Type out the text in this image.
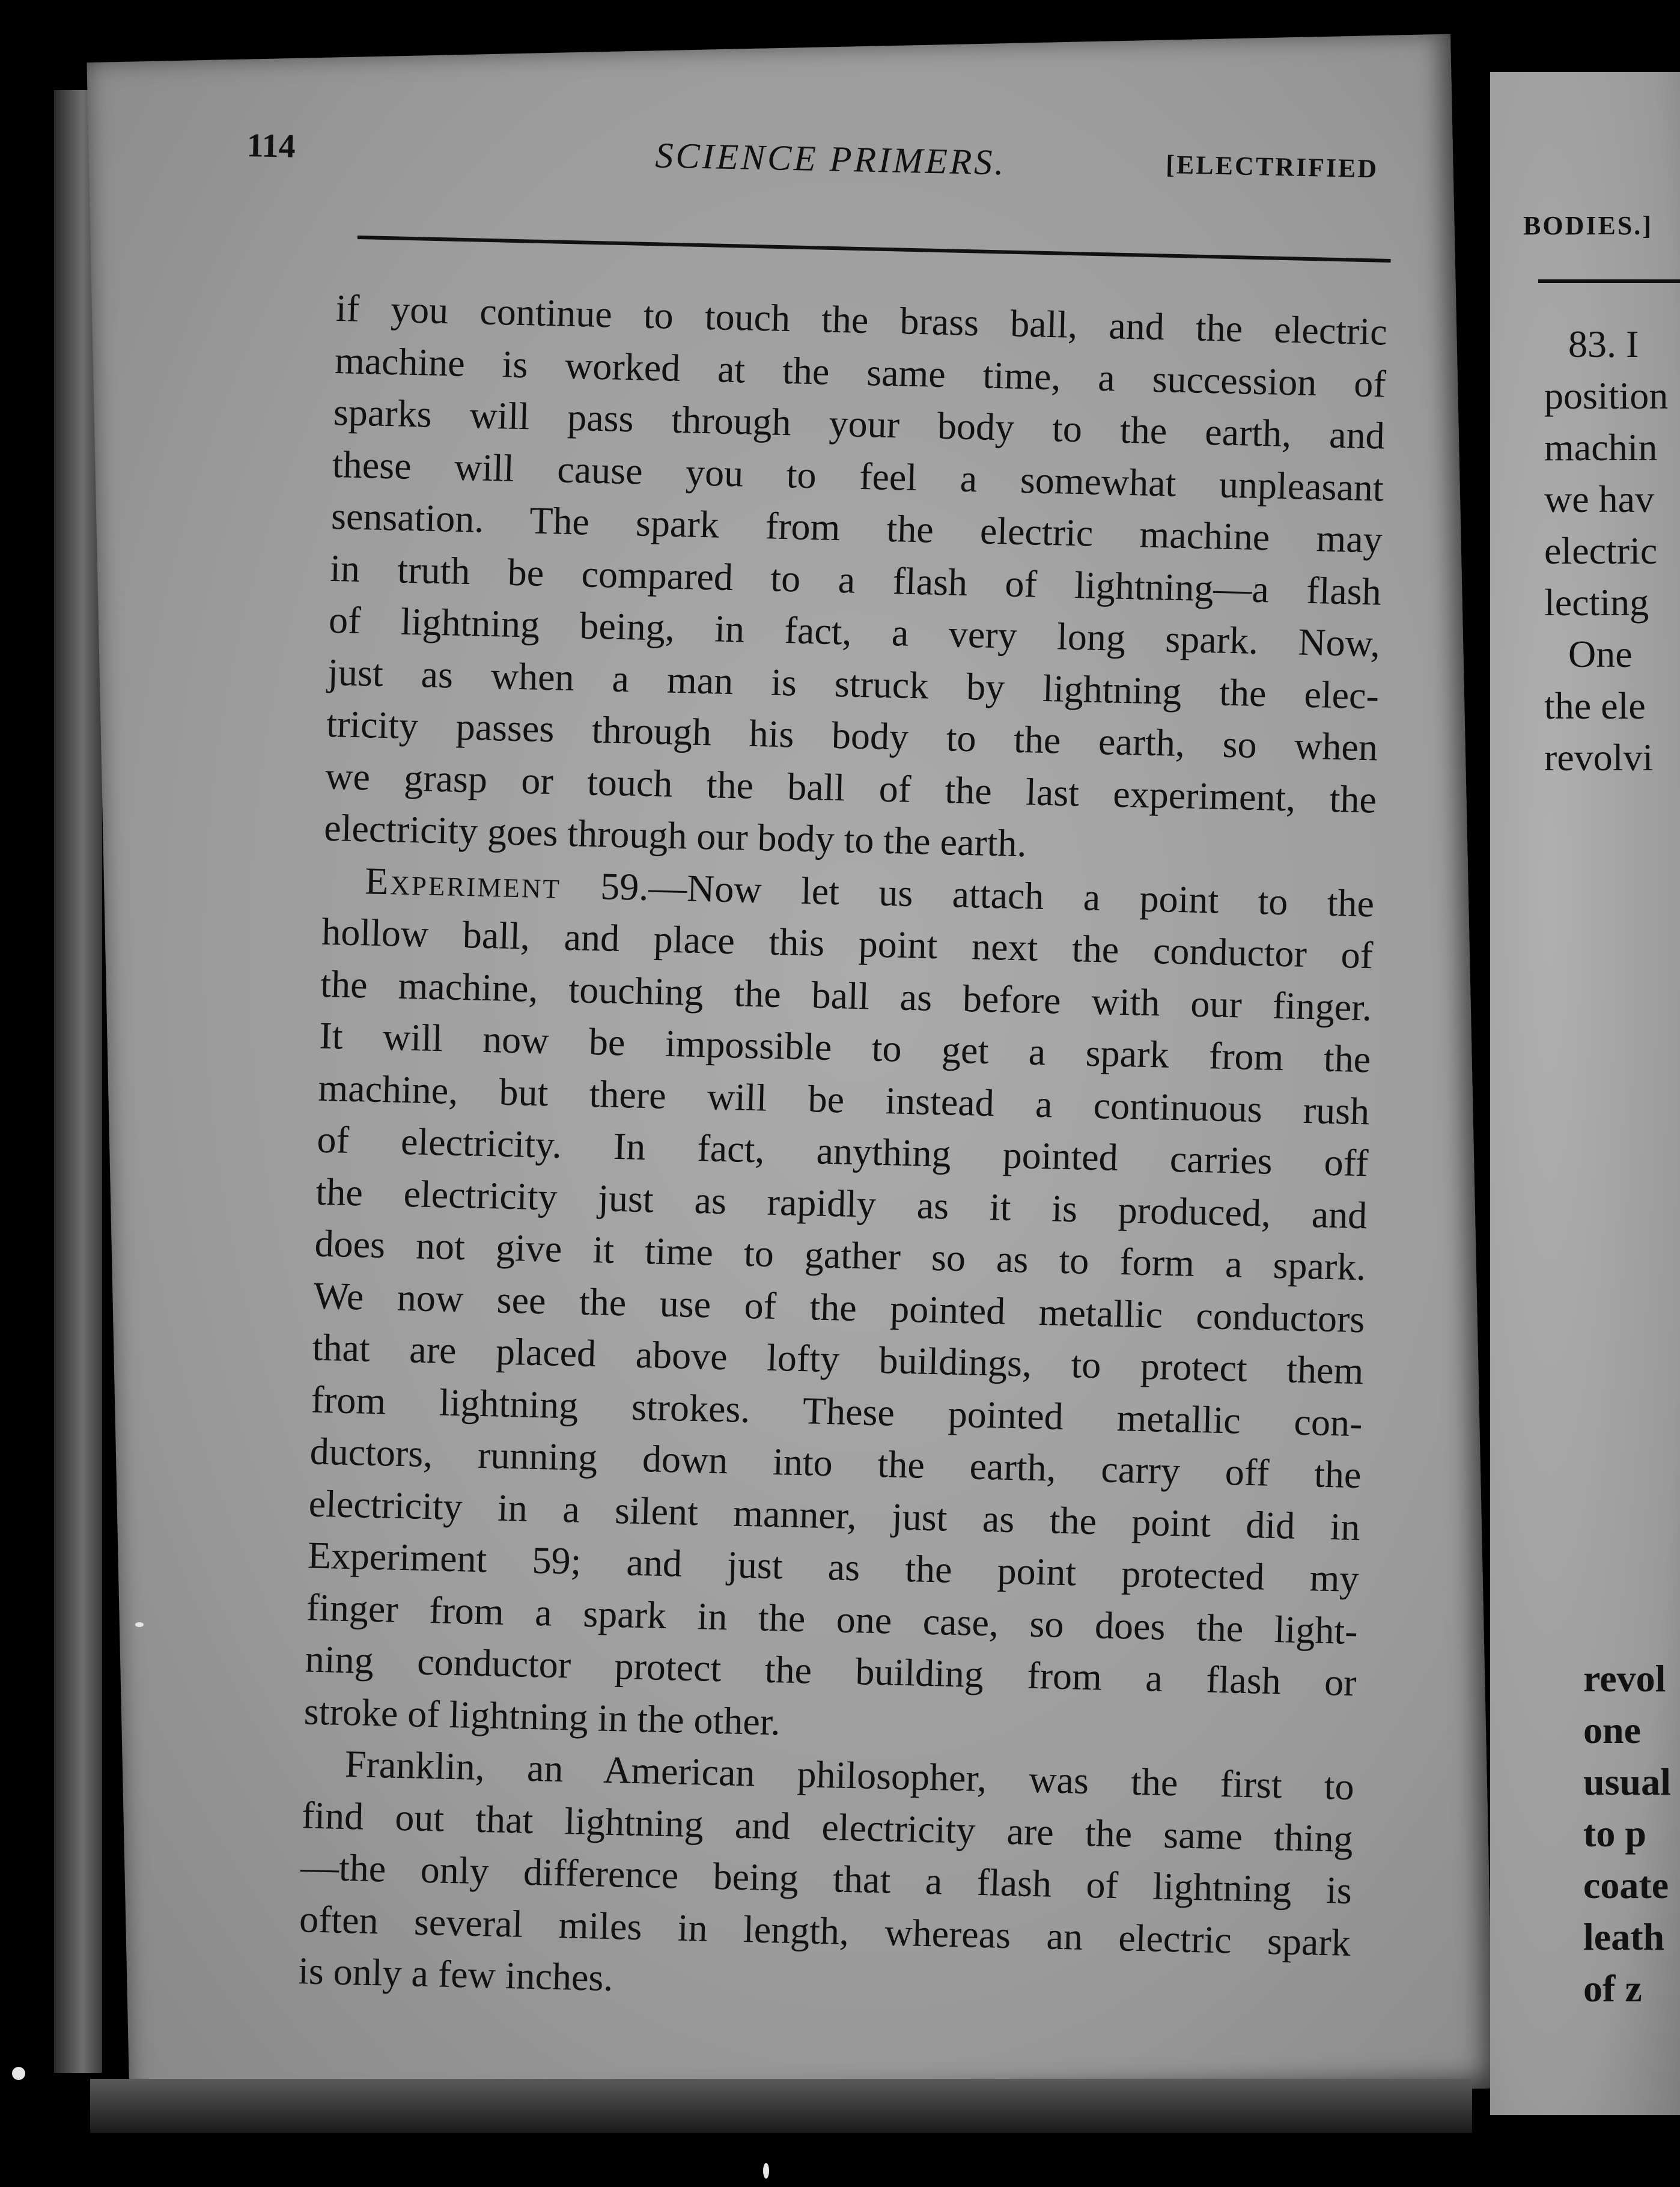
114	SCIENCE PRIMERS.	[ELECTRIFIED
if you continue to touch the brass ball, and the electric
machine is worked at the same time, a succession of
sparks will pass through your body to the earth, and
these will cause you to feel a somewhat unpleasant
sensation. The spark from the electric machine may
in truth be compared to a flash of lightning—a flash
of lightning being, in fact, a very long spark. Now,
just as when a man is struck by lightning the elec-
tricity passes through his body to the earth, so when
we grasp or touch the ball of the last experiment, the
electricity goes through our body to the earth.
Experiment 59.—Now let us attach a point to the
hollow ball, and place this point next the conductor of
the machine, touching the ball as before with our finger.
It will now be impossible to get a spark from the
machine, but there will be instead a continuous rush
of electricity. In fact, anything pointed carries off
the electricity just as rapidly as it is produced, and
does not give it time to gather so as to form a spark.
We now see the use of the pointed metallic conductors
that are placed above lofty buildings, to protect them
from lightning strokes. These pointed metallic con-
ductors, running down into the earth, carry off the
electricity in a silent manner, just as the point did in
Experiment 59; and just as the point protected my
finger from a spark in the one case, so does the light-
ning conductor protect the building from a flash or
stroke of lightning in the other.
Franklin, an American philosopher, was the first to
find out that lightning and electricity are the same thing
—the only difference being that a flash of lightning is
often several miles in length, whereas an electric spark
is only a few inches.
BODIES.]
83. I
position
machin
we hav
electric
lecting
One
the ele
revolvi
revol
one
usual
to p
coate
leath
of z
